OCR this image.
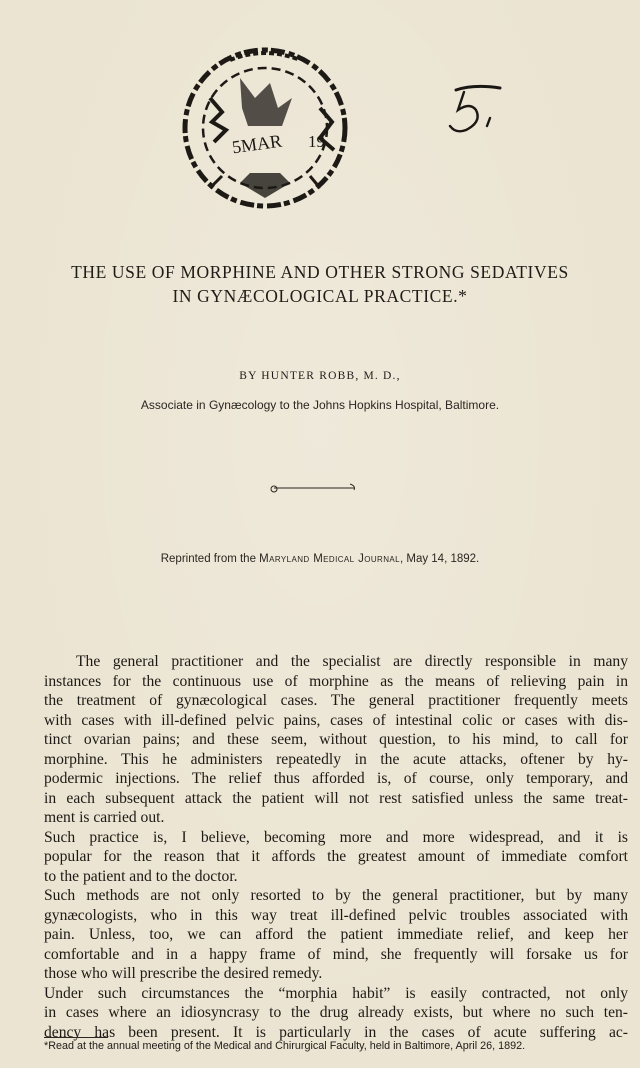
5MAR 19
THE USE OF MORPHINE AND OTHER STRONG SEDATIVES
IN GYNÆCOLOGICAL PRACTICE.*
BY HUNTER ROBB, M. D.,
Associate in Gynæcology to the Johns Hopkins Hospital, Baltimore.
Reprinted from the Maryland Medical Journal, May 14, 1892.
The general practitioner and the specialist are directly responsible in many
instances for the continuous use of morphine as the means of relieving pain in
the treatment of gynæcological cases. The general practitioner frequently meets
with cases with ill-defined pelvic pains, cases of intestinal colic or cases with dis-
tinct ovarian pains; and these seem, without question, to his mind, to call for
morphine. This he administers repeatedly in the acute attacks, oftener by hy-
podermic injections. The relief thus afforded is, of course, only temporary, and
in each subsequent attack the patient will not rest satisfied unless the same treat-
ment is carried out.
Such practice is, I believe, becoming more and more widespread, and it is
popular for the reason that it affords the greatest amount of immediate comfort
to the patient and to the doctor.
Such methods are not only resorted to by the general practitioner, but by many
gynæcologists, who in this way treat ill-defined pelvic troubles associated with
pain. Unless, too, we can afford the patient immediate relief, and keep her
comfortable and in a happy frame of mind, she frequently will forsake us for
those who will prescribe the desired remedy.
Under such circumstances the “morphia habit” is easily contracted, not only
in cases where an idiosyncrasy to the drug already exists, but where no such ten-
dency has been present. It is particularly in the cases of acute suffering ac-
*Read at the annual meeting of the Medical and Chirurgical Faculty, held in Baltimore, April 26, 1892.
